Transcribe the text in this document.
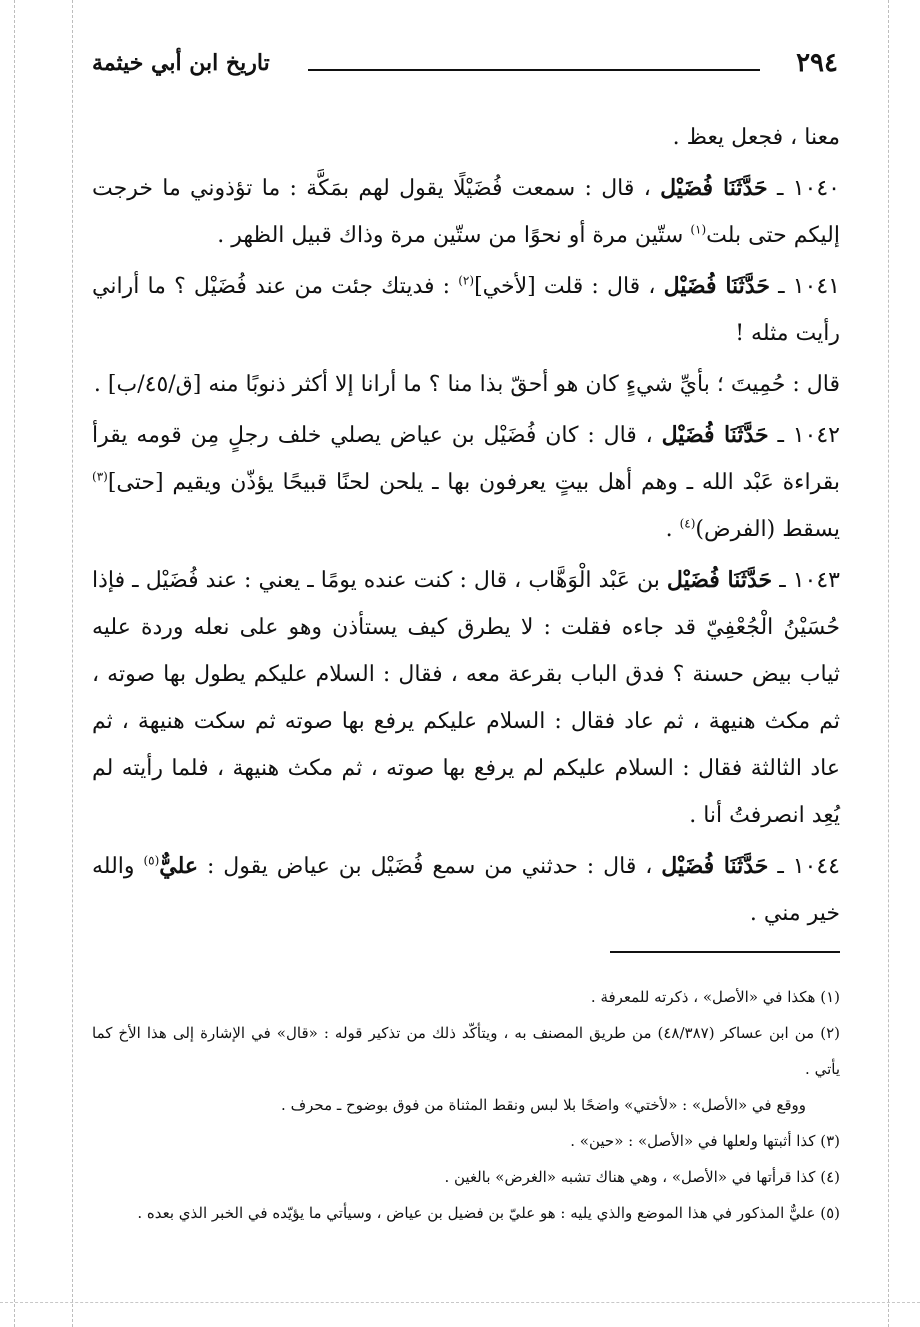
٢٩٤
تاريخ ابن أبي خيثمة

معنا ، فجعل يعظ .

١٠٤٠ ـ حَدَّثَنَا فُضَيْل ، قال : سمعت فُضَيْلًا يقول لهم بمَكَّة : ما تؤذوني ما خرجت إليكم حتى بلت$^{(١)}$ ستّين مرة أو نحوًا من ستّين مرة وذاك قبيل الظهر .

١٠٤١ ـ حَدَّثَنَا فُضَيْل ، قال : قلت [لأخي]$^{(٢)}$ : فديتك جئت من عند فُضَيْل ؟ ما أراني رأيت مثله !

قال : حُمِيتَ ؛ بأيِّ شيءٍ كان هو أحقّ بذا منا ؟ ما أرانا إلا أكثر ذنوبًا منه [ق/٤٥/ب] .

١٠٤٢ ـ حَدَّثَنَا فُضَيْل ، قال : كان فُضَيْل بن عياض يصلي خلف رجلٍ مِن قومه يقرأ بقراءة عَبْد الله ـ وهم أهل بيتٍ يعرفون بها ـ يلحن لحنًا قبيحًا يؤذّن ويقيم [حتى]$^{(٣)}$ يسقط (الفرض)$^{(٤)}$ .

١٠٤٣ ـ حَدَّثَنَا فُضَيْل بن عَبْد الْوَهَّاب ، قال : كنت عنده يومًا ـ يعني : عند فُضَيْل ـ فإذا حُسَيْنُ الْجُعْفِيّ قد جاءه فقلت : لا يطرق كيف يستأذن وهو على نعله وردة عليه ثياب بيض حسنة ؟ فدق الباب بقرعة معه ، فقال : السلام عليكم يطول بها صوته ، ثم مكث هنيهة ، ثم عاد فقال : السلام عليكم يرفع بها صوته ثم سكت هنيهة ، ثم عاد الثالثة فقال : السلام عليكم لم يرفع بها صوته ، ثم مكث هنيهة ، فلما رأيته لم يُعِد انصرفتُ أنا .

١٠٤٤ ـ حَدَّثَنَا فُضَيْل ، قال : حدثني من سمع فُضَيْل بن عياض يقول : عليٌّ$^{(٥)}$ والله خير مني .

(١) هكذا في «الأصل» ، ذكرته للمعرفة .

(٢) من ابن عساكر (٤٨/٣٨٧) من طريق المصنف به ، ويتأكّد ذلك من تذكير قوله : «قال» في الإشارة إلى هذا الأخ كما يأتي .

ووقع في «الأصل» : «لأختي» واضحًا بلا لبس ونقط المثناة من فوق بوضوح ـ محرف .

(٣) كذا أثبتها ولعلها في «الأصل» : «حين» .

(٤) كذا قرأتها في «الأصل» ، وهي هناك تشبه «الغرض» بالغين .

(٥) عليٌّ المذكور في هذا الموضع والذي يليه : هو عليّ بن فضيل بن عياض ، وسيأتي ما يؤيّده في الخبر الذي بعده .
